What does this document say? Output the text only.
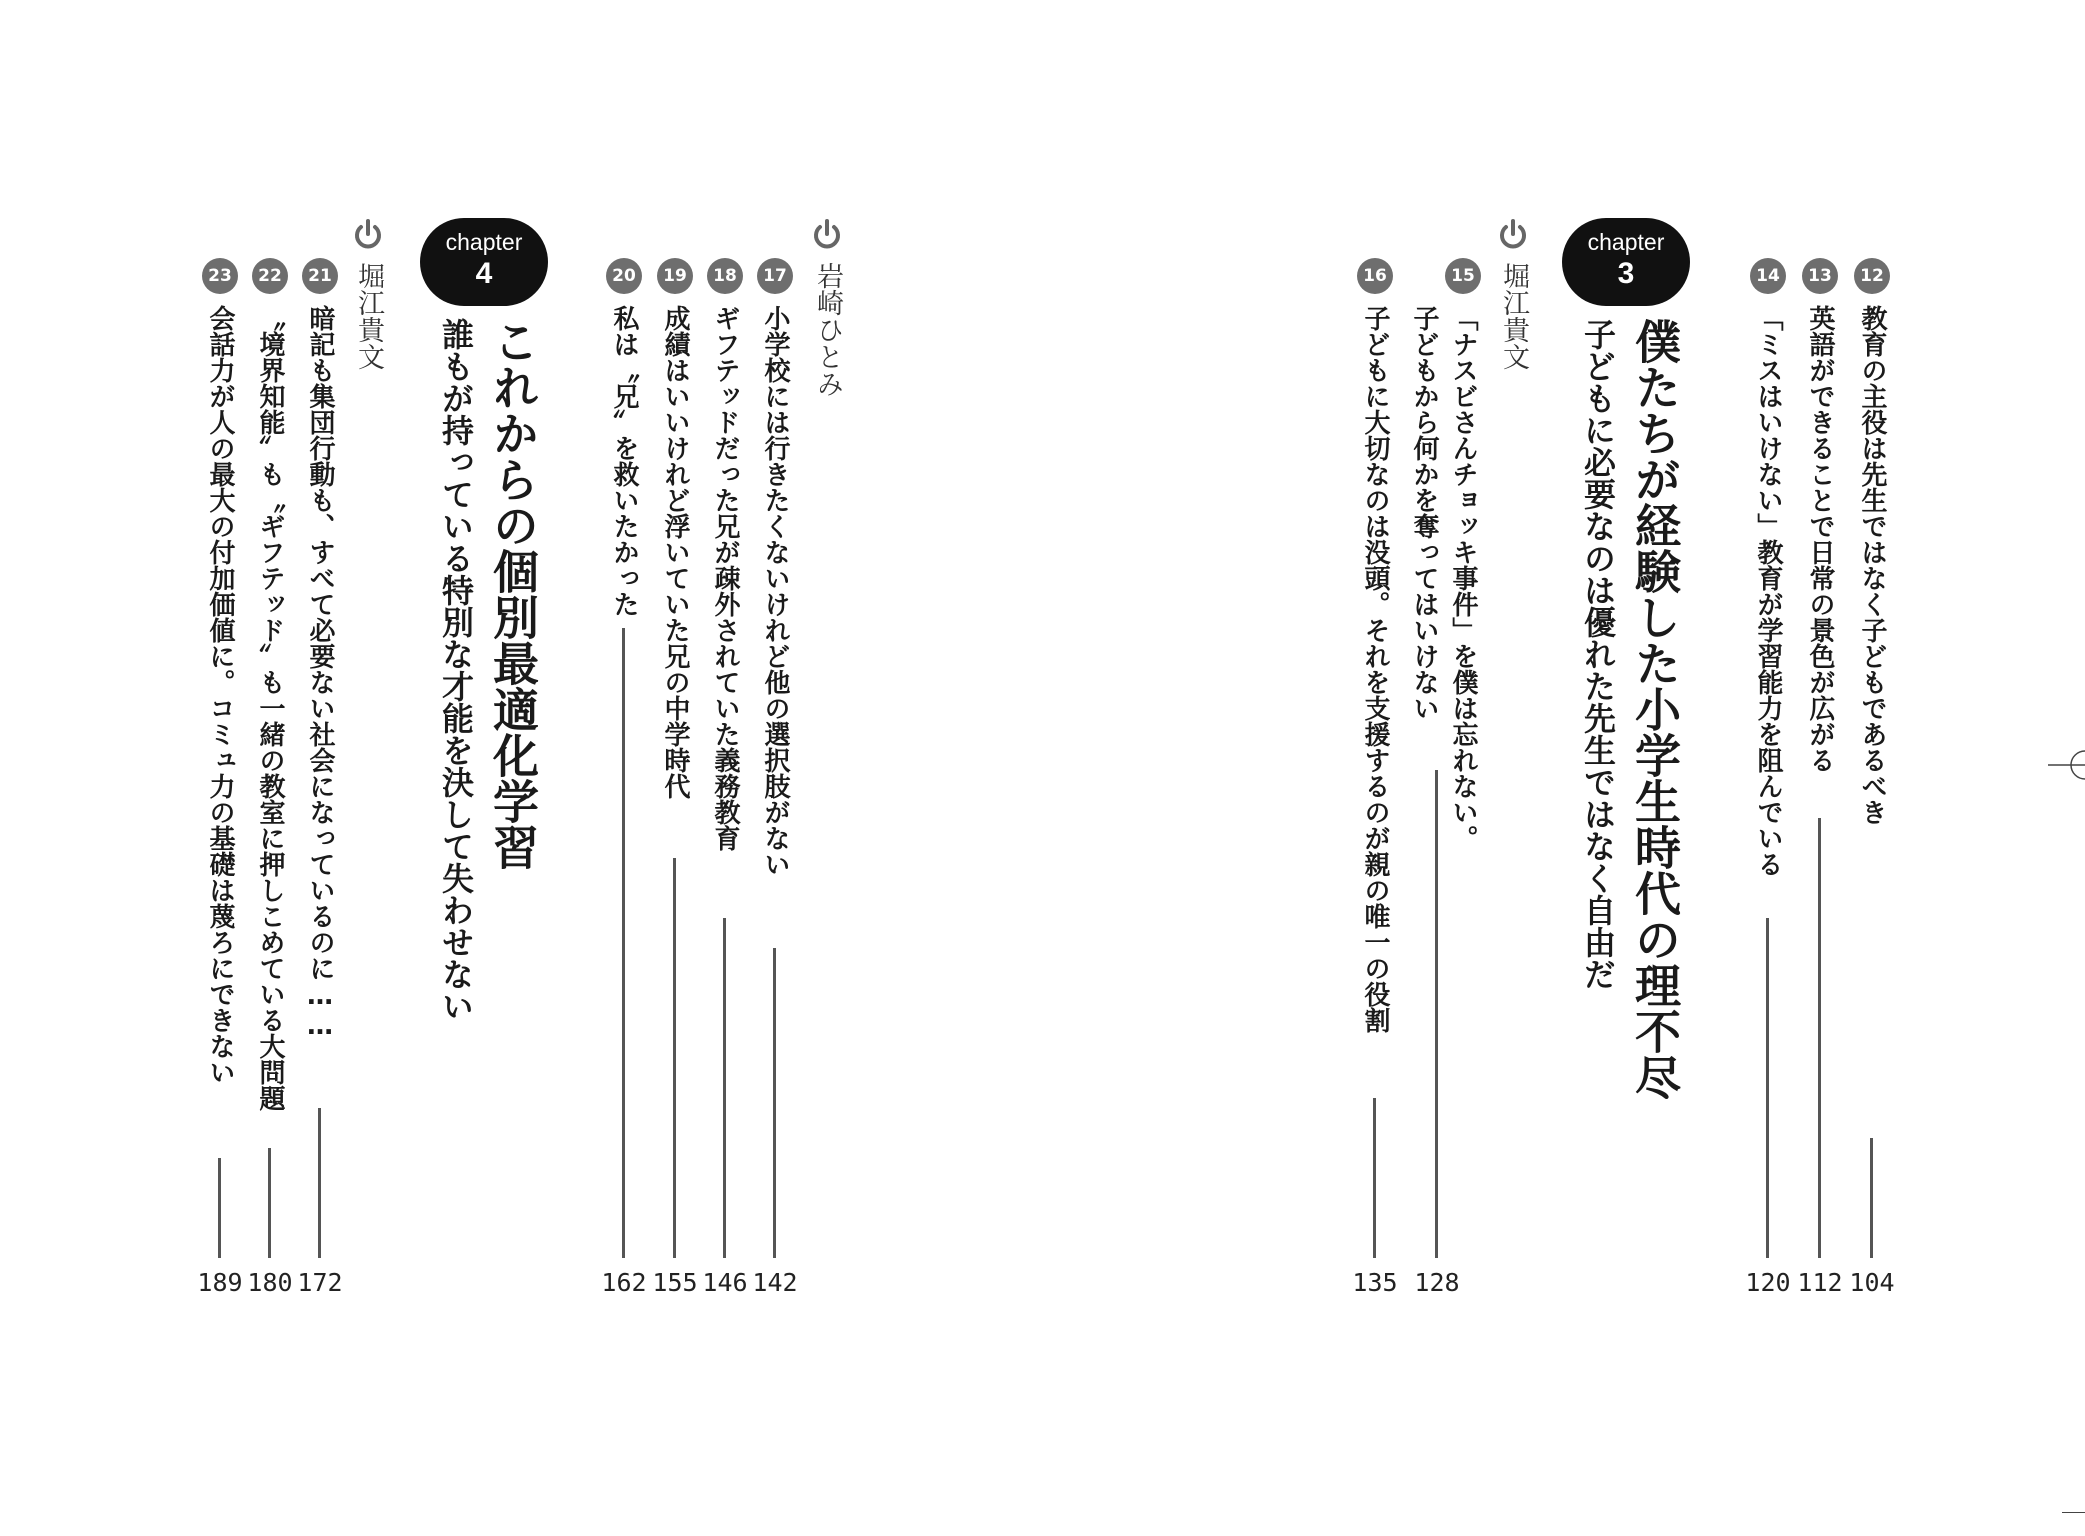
12
教育の主役は先生ではなく子どもであるべき
104
13
英語ができることで日常の景色が広がる
112
14
「ミスはいけない」教育が学習能力を阻んでいる
120
chapter
3
僕たちが経験した小学生時代の理不尽
子どもに必要なのは優れた先生ではなく自由だ
堀江貴文
15
「ナスビさんチョッキ事件」を僕は忘れない。
子どもから何かを奪ってはいけない
128
16
子どもに大切なのは没頭。それを支援するのが親の唯一の役割
135
岩崎ひとみ
17
小学校には行きたくないけれど他の選択肢がない
142
18
ギフテッドだった兄が疎外されていた義務教育
146
19
成績はいいけれど浮いていた兄の中学時代
155
20
私は〝兄〟を救いたかった
162
chapter
4
これからの個別最適化学習
誰もが持っている特別な才能を決して失わせない
堀江貴文
21
暗記も集団行動も、すべて必要ない社会になっているのに……
172
22
〝境界知能〟も〝ギフテッド〟も一緒の教室に押しこめている大問題
180
23
会話力が人の最大の付加価値に。コミュ力の基礎は蔑ろにできない
189
